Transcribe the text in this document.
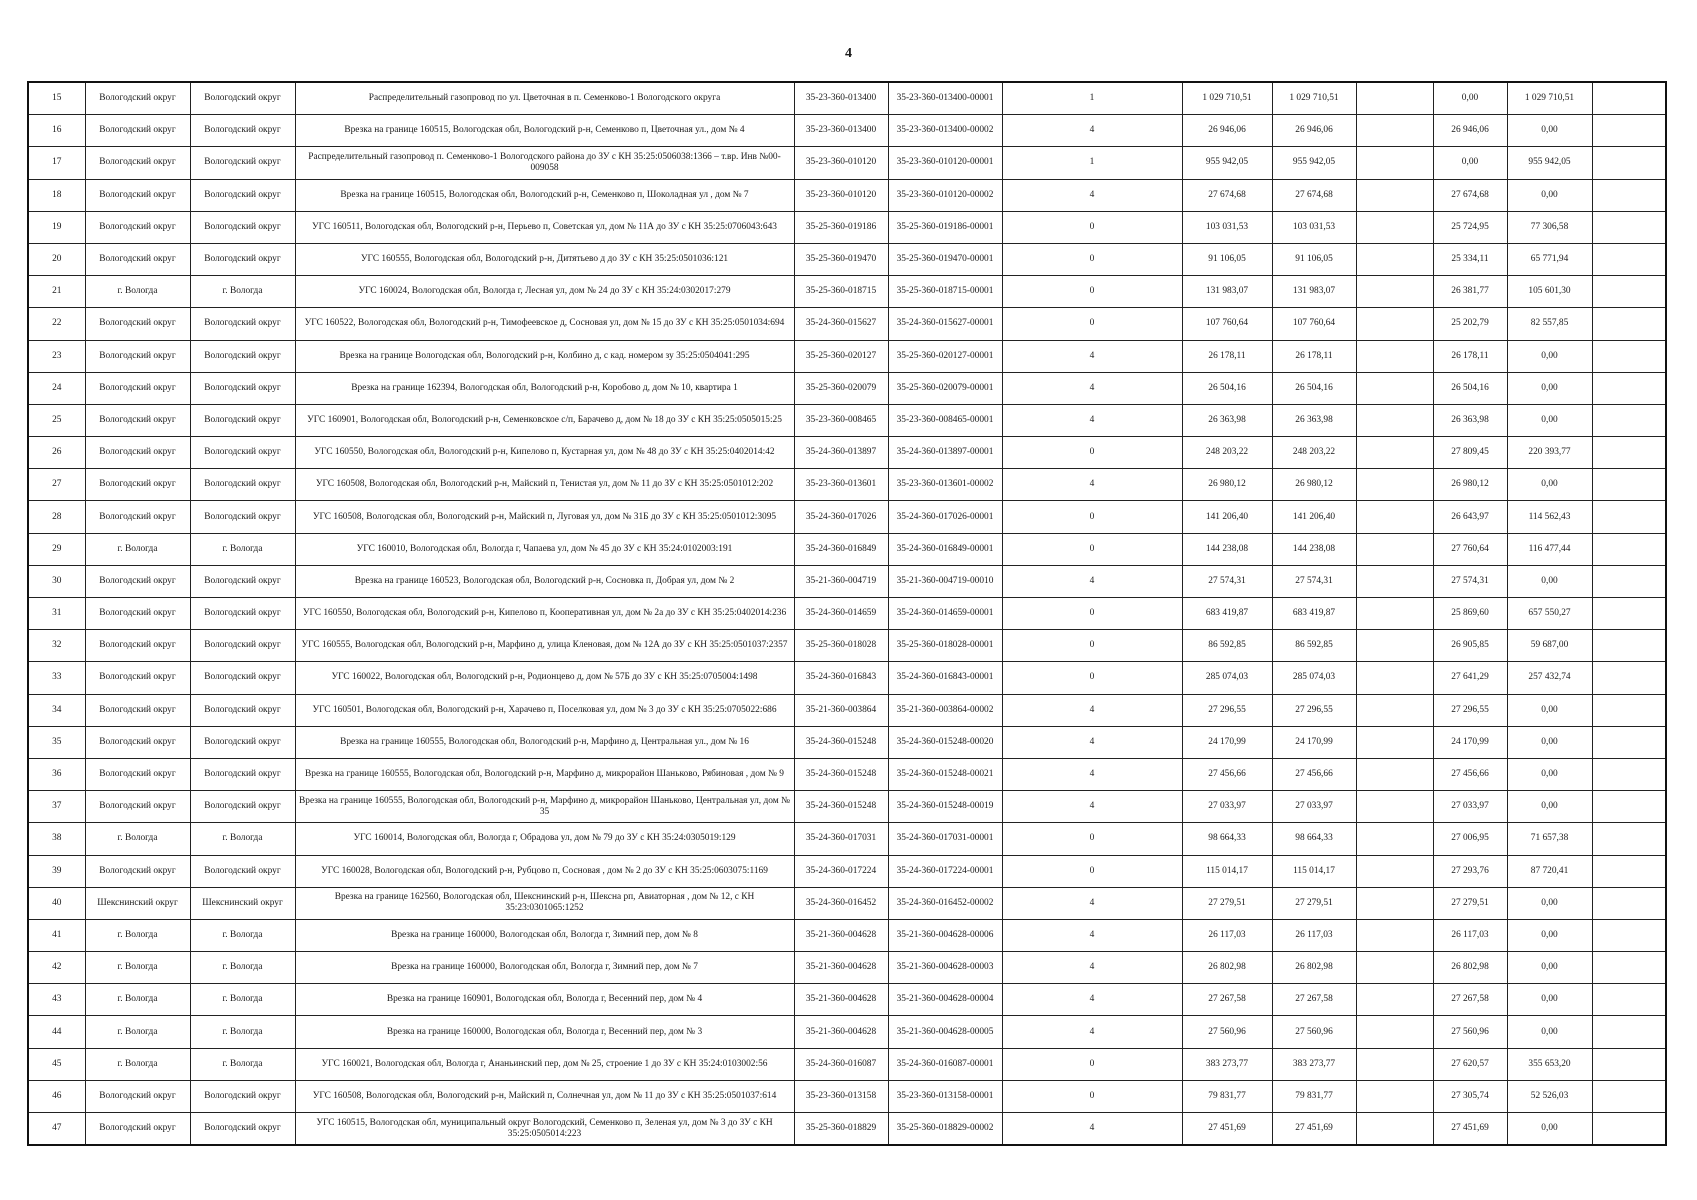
4
15	Вологодский округ	Вологодский округ	Распределительный газопровод по ул. Цветочная в п. Семенково-1 Вологодского округа	35-23-360-013400	35-23-360-013400-00001	1	1 029 710,51	1 029 710,51		0,00	1 029 710,51	
16	Вологодский округ	Вологодский округ	Врезка на границе 160515, Вологодская обл, Вологодский р-н, Семенково п, Цветочная ул., дом № 4	35-23-360-013400	35-23-360-013400-00002	4	26 946,06	26 946,06		26 946,06	0,00	
17	Вологодский округ	Вологодский округ	Распределительный газопровод п. Семенково-1 Вологодского района до ЗУ с КН 35:25:0506038:1366 – т.вр. Инв №00-009058	35-23-360-010120	35-23-360-010120-00001	1	955 942,05	955 942,05		0,00	955 942,05	
18	Вологодский округ	Вологодский округ	Врезка на границе 160515, Вологодская обл, Вологодский р-н, Семенково п, Шоколадная ул , дом № 7	35-23-360-010120	35-23-360-010120-00002	4	27 674,68	27 674,68		27 674,68	0,00	
19	Вологодский округ	Вологодский округ	УГС 160511, Вологодская обл, Вологодский р-н, Перьево п, Советская ул, дом № 11А до ЗУ с КН 35:25:0706043:643	35-25-360-019186	35-25-360-019186-00001	0	103 031,53	103 031,53		25 724,95	77 306,58	
20	Вологодский округ	Вологодский округ	УГС 160555, Вологодская обл, Вологодский р-н, Дитятьево д до ЗУ с КН 35:25:0501036:121	35-25-360-019470	35-25-360-019470-00001	0	91 106,05	91 106,05		25 334,11	65 771,94	
21	г. Вологда	г. Вологда	УГС 160024, Вологодская обл, Вологда г, Лесная ул, дом № 24 до ЗУ с КН 35:24:0302017:279	35-25-360-018715	35-25-360-018715-00001	0	131 983,07	131 983,07		26 381,77	105 601,30	
22	Вологодский округ	Вологодский округ	УГС 160522, Вологодская обл, Вологодский р-н, Тимофеевское д, Сосновая ул, дом № 15 до ЗУ с КН 35:25:0501034:694	35-24-360-015627	35-24-360-015627-00001	0	107 760,64	107 760,64		25 202,79	82 557,85	
23	Вологодский округ	Вологодский округ	Врезка на границе Вологодская обл, Вологодский р-н, Колбино д, с кад. номером зу 35:25:0504041:295	35-25-360-020127	35-25-360-020127-00001	4	26 178,11	26 178,11		26 178,11	0,00	
24	Вологодский округ	Вологодский округ	Врезка на границе 162394, Вологодская обл, Вологодский р-н, Коробово д, дом № 10, квартира 1	35-25-360-020079	35-25-360-020079-00001	4	26 504,16	26 504,16		26 504,16	0,00	
25	Вологодский округ	Вологодский округ	УГС 160901, Вологодская обл, Вологодский р-н, Семенковское с/п, Барачево д, дом № 18 до ЗУ с КН 35:25:0505015:25	35-23-360-008465	35-23-360-008465-00001	4	26 363,98	26 363,98		26 363,98	0,00	
26	Вологодский округ	Вологодский округ	УГС 160550, Вологодская обл, Вологодский р-н, Кипелово п, Кустарная ул, дом № 48 до ЗУ с КН 35:25:0402014:42	35-24-360-013897	35-24-360-013897-00001	0	248 203,22	248 203,22		27 809,45	220 393,77	
27	Вологодский округ	Вологодский округ	УГС 160508, Вологодская обл, Вологодский р-н, Майский п, Тенистая ул, дом № 11 до ЗУ с КН 35:25:0501012:202	35-23-360-013601	35-23-360-013601-00002	4	26 980,12	26 980,12		26 980,12	0,00	
28	Вологодский округ	Вологодский округ	УГС 160508, Вологодская обл, Вологодский р-н, Майский п, Луговая ул, дом № 31Б до ЗУ с КН 35:25:0501012:3095	35-24-360-017026	35-24-360-017026-00001	0	141 206,40	141 206,40		26 643,97	114 562,43	
29	г. Вологда	г. Вологда	УГС 160010, Вологодская обл, Вологда г, Чапаева ул, дом № 45 до ЗУ с КН 35:24:0102003:191	35-24-360-016849	35-24-360-016849-00001	0	144 238,08	144 238,08		27 760,64	116 477,44	
30	Вологодский округ	Вологодский округ	Врезка на границе 160523, Вологодская обл, Вологодский р-н, Сосновка п, Добрая ул, дом № 2	35-21-360-004719	35-21-360-004719-00010	4	27 574,31	27 574,31		27 574,31	0,00	
31	Вологодский округ	Вологодский округ	УГС 160550, Вологодская обл, Вологодский р-н, Кипелово п, Кооперативная ул, дом № 2а до ЗУ с КН 35:25:0402014:236	35-24-360-014659	35-24-360-014659-00001	0	683 419,87	683 419,87		25 869,60	657 550,27	
32	Вологодский округ	Вологодский округ	УГС 160555, Вологодская обл, Вологодский р-н, Марфино д, улица Кленовая, дом № 12А до ЗУ с КН 35:25:0501037:2357	35-25-360-018028	35-25-360-018028-00001	0	86 592,85	86 592,85		26 905,85	59 687,00	
33	Вологодский округ	Вологодский округ	УГС 160022, Вологодская обл, Вологодский р-н, Родионцево д, дом № 57Б до ЗУ с КН 35:25:0705004:1498	35-24-360-016843	35-24-360-016843-00001	0	285 074,03	285 074,03		27 641,29	257 432,74	
34	Вологодский округ	Вологодский округ	УГС 160501, Вологодская обл, Вологодский р-н, Харачево п, Поселковая ул, дом № 3 до ЗУ с КН 35:25:0705022:686	35-21-360-003864	35-21-360-003864-00002	4	27 296,55	27 296,55		27 296,55	0,00	
35	Вологодский округ	Вологодский округ	Врезка на границе 160555, Вологодская обл, Вологодский р-н, Марфино д, Центральная ул., дом № 16	35-24-360-015248	35-24-360-015248-00020	4	24 170,99	24 170,99		24 170,99	0,00	
36	Вологодский округ	Вологодский округ	Врезка на границе 160555, Вологодская обл, Вологодский р-н, Марфино д, микрорайон Шаньково, Рябиновая , дом № 9	35-24-360-015248	35-24-360-015248-00021	4	27 456,66	27 456,66		27 456,66	0,00	
37	Вологодский округ	Вологодский округ	Врезка на границе 160555, Вологодская обл, Вологодский р-н, Марфино д, микрорайон Шаньково, Центральная ул, дом № 35	35-24-360-015248	35-24-360-015248-00019	4	27 033,97	27 033,97		27 033,97	0,00	
38	г. Вологда	г. Вологда	УГС 160014, Вологодская обл, Вологда г, Обрадова ул, дом № 79 до ЗУ с КН 35:24:0305019:129	35-24-360-017031	35-24-360-017031-00001	0	98 664,33	98 664,33		27 006,95	71 657,38	
39	Вологодский округ	Вологодский округ	УГС 160028, Вологодская обл, Вологодский р-н, Рубцово п, Сосновая , дом № 2 до ЗУ с КН 35:25:0603075:1169	35-24-360-017224	35-24-360-017224-00001	0	115 014,17	115 014,17		27 293,76	87 720,41	
40	Шекснинский округ	Шекснинский округ	Врезка на границе 162560, Вологодская обл, Шекснинский р-н, Шексна рп, Авиаторная , дом № 12, с КН 35:23:0301065:1252	35-24-360-016452	35-24-360-016452-00002	4	27 279,51	27 279,51		27 279,51	0,00	
41	г. Вологда	г. Вологда	Врезка на границе 160000, Вологодская обл, Вологда г, Зимний пер, дом № 8	35-21-360-004628	35-21-360-004628-00006	4	26 117,03	26 117,03		26 117,03	0,00	
42	г. Вологда	г. Вологда	Врезка на границе 160000, Вологодская обл, Вологда г, Зимний пер, дом № 7	35-21-360-004628	35-21-360-004628-00003	4	26 802,98	26 802,98		26 802,98	0,00	
43	г. Вологда	г. Вологда	Врезка на границе 160901, Вологодская обл, Вологда г, Весенний пер, дом № 4	35-21-360-004628	35-21-360-004628-00004	4	27 267,58	27 267,58		27 267,58	0,00	
44	г. Вологда	г. Вологда	Врезка на границе 160000, Вологодская обл, Вологда г, Весенний пер, дом № 3	35-21-360-004628	35-21-360-004628-00005	4	27 560,96	27 560,96		27 560,96	0,00	
45	г. Вологда	г. Вологда	УГС 160021, Вологодская обл, Вологда г, Ананьинский пер, дом № 25, строение 1 до ЗУ с КН 35:24:0103002:56	35-24-360-016087	35-24-360-016087-00001	0	383 273,77	383 273,77		27 620,57	355 653,20	
46	Вологодский округ	Вологодский округ	УГС 160508, Вологодская обл, Вологодский р-н, Майский п, Солнечная ул, дом № 11 до ЗУ с КН 35:25:0501037:614	35-23-360-013158	35-23-360-013158-00001	0	79 831,77	79 831,77		27 305,74	52 526,03	
47	Вологодский округ	Вологодский округ	УГС 160515, Вологодская обл, муниципальный округ Вологодский, Семенково п, Зеленая ул, дом № 3 до ЗУ с КН 35:25:0505014:223	35-25-360-018829	35-25-360-018829-00002	4	27 451,69	27 451,69		27 451,69	0,00	
